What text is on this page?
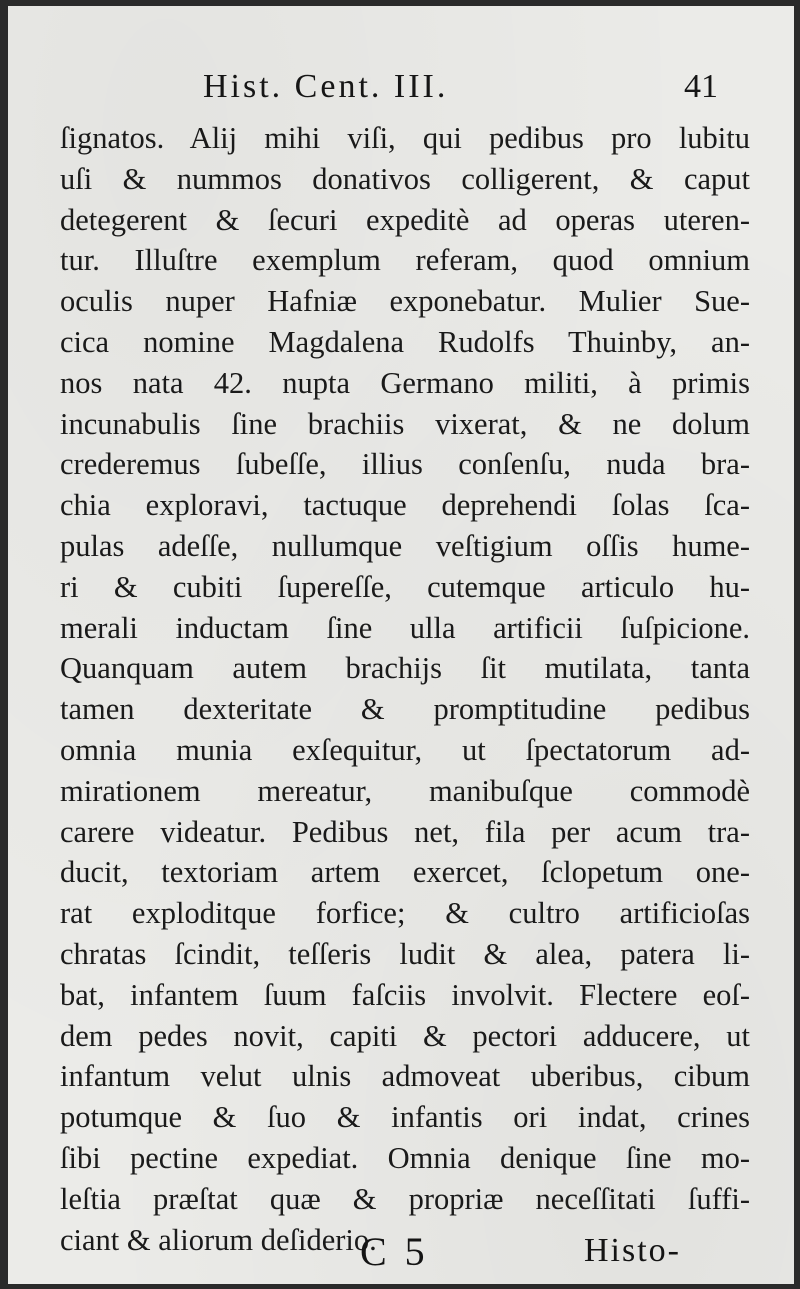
Hist. Cent. III.	41
ſignatos. Alij mihi viſi, qui pedibus pro lubitu
uſi & nummos donativos colligerent, & caput
detegerent & ſecuri expeditè ad operas uteren-
tur. Illuſtre exemplum referam, quod omnium
oculis nuper Hafniæ exponebatur. Mulier Sue-
cica nomine Magdalena Rudolfs Thuinby, an-
nos nata 42. nupta Germano militi, à primis
incunabulis ſine brachiis vixerat, & ne dolum
crederemus ſubeſſe, illius conſenſu, nuda bra-
chia exploravi, tactuque deprehendi ſolas ſca-
pulas adeſſe, nullumque veſtigium oſſis hume-
ri & cubiti ſupereſſe, cutemque articulo hu-
merali inductam ſine ulla artificii ſuſpicione.
Quanquam autem brachijs ſit mutilata, tanta
tamen dexteritate & promptitudine pedibus
omnia munia exſequitur, ut ſpectatorum ad-
mirationem mereatur, manibuſque commodè
carere videatur. Pedibus net, fila per acum tra-
ducit, textoriam artem exercet, ſclopetum one-
rat exploditque forfice; & cultro artificioſas
chratas ſcindit, teſſeris ludit & alea, patera li-
bat, infantem ſuum faſciis involvit. Flectere eoſ-
dem pedes novit, capiti & pectori adducere, ut
infantum velut ulnis admoveat uberibus, cibum
potumque & ſuo & infantis ori indat, crines
ſibi pectine expediat. Omnia denique ſine mo-
leſtia præſtat quæ & propriæ neceſſitati ſuffi-
ciant & aliorum deſiderio.
C 5	Histo-
